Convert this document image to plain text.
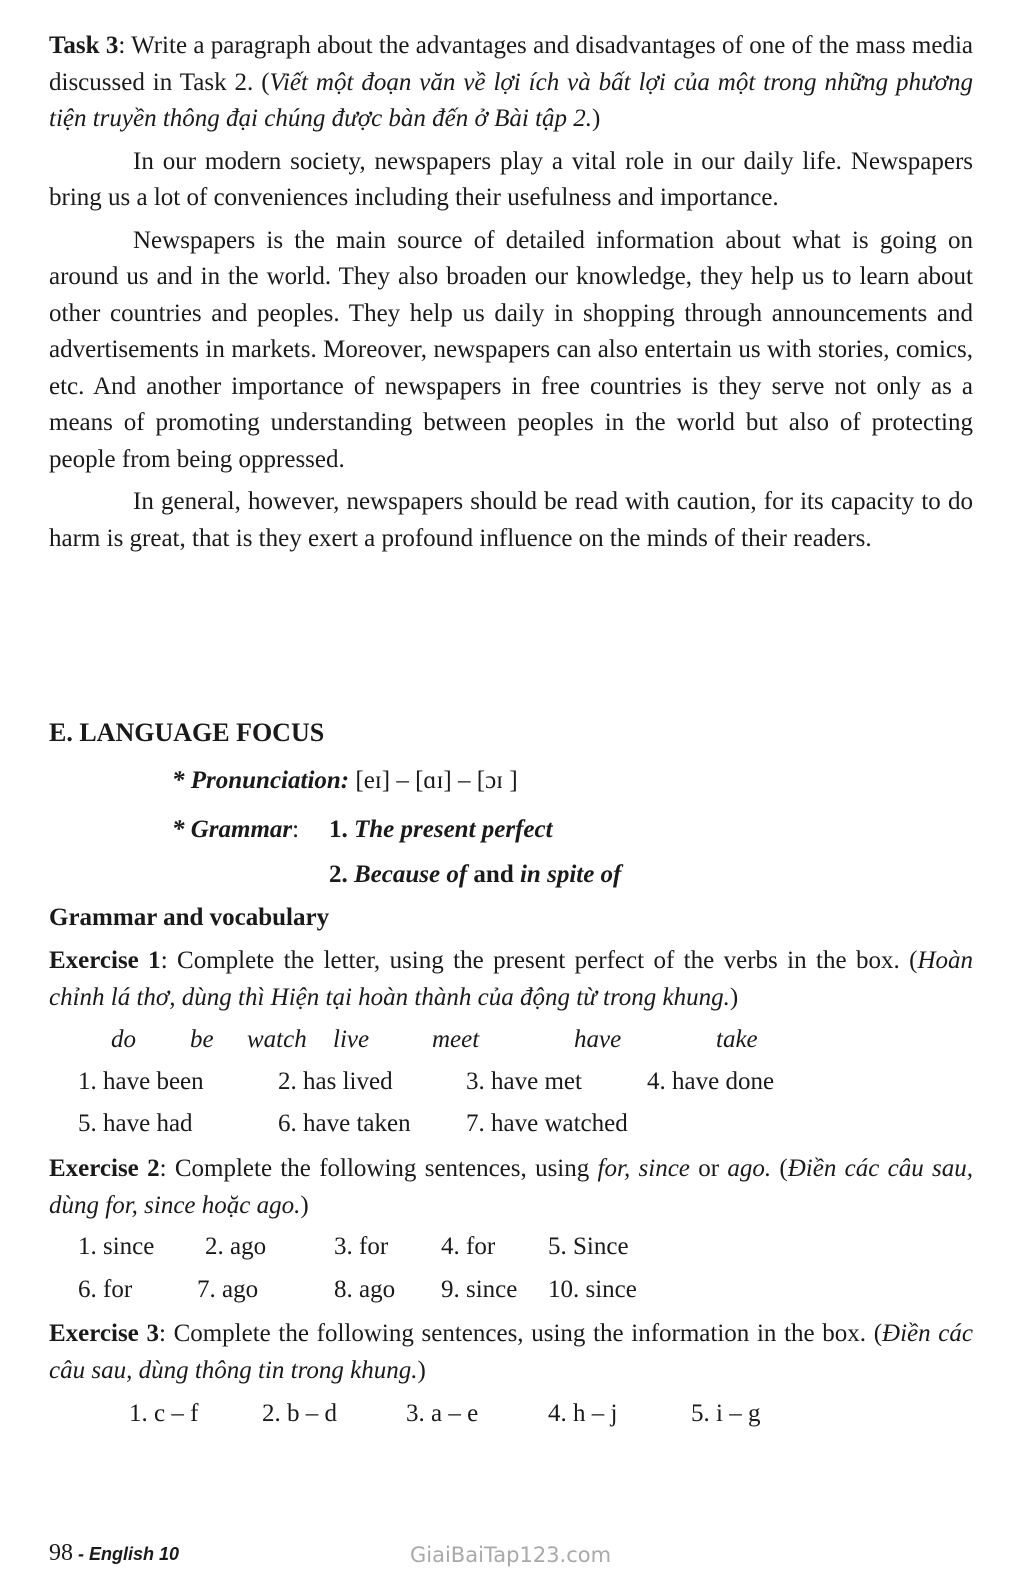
Task 3: Write a paragraph about the advantages and disadvantages of one of the mass media discussed in Task 2. (Viết một đoạn văn về lợi ích và bất lợi của một trong những phương tiện truyền thông đại chúng được bàn đến ở Bài tập 2.)

In our modern society, newspapers play a vital role in our daily life. Newspapers bring us a lot of conveniences including their usefulness and importance.

Newspapers is the main source of detailed information about what is going on around us and in the world. They also broaden our knowledge, they help us to learn about other countries and peoples. They help us daily in shopping through announcements and advertisements in markets. Moreover, newspapers can also entertain us with stories, comics, etc. And another importance of newspapers in free countries is they serve not only as a means of promoting understanding between peoples in the world but also of protecting people from being oppressed.

In general, however, newspapers should be read with caution, for its capacity to do harm is great, that is they exert a profound influence on the minds of their readers.

E. LANGUAGE FOCUS

* Pronunciation: [eɪ] – [ɑɪ] – [ɔɪ ]
* Grammar: 1. The present perfect
2. Because of and in spite of
Grammar and vocabulary

Exercise 1: Complete the letter, using the present perfect of the verbs in the box. (Hoàn chỉnh lá thơ, dùng thì Hiện tại hoàn thành của động từ trong khung.)

do be watch live	meet	have	take
1. have been	2. has lived	3. have met	4. have done
5. have had	6. have taken 7. have watched

Exercise 2: Complete the following sentences, using for, since or ago. (Điền các câu sau, dùng for, since hoặc ago.)

1. since 2. ago	3. for 4. for 5. Since
6. for	7. ago	8. ago 9. since 10. since

Exercise 3: Complete the following sentences, using the information in the box. (Điền các câu sau, dùng thông tin trong khung.)

1. c – f	2. b – d	3. a – e	4. h – j	5. i – g
98 - English 10	GiaiBaiTap123.com
